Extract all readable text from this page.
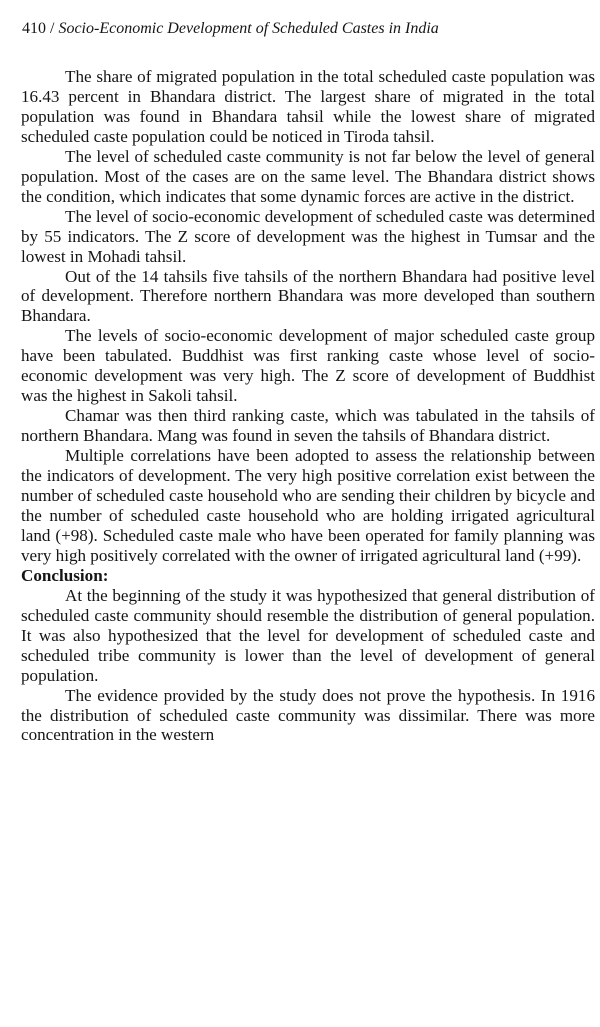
410 / Socio-Economic Development of Scheduled Castes in India

The share of migrated population in the total scheduled caste population was 16.43 percent in Bhandara district. The largest share of migrated in the total population was found in Bhandara tahsil while the lowest share of migrated scheduled caste population could be noticed in Tiroda tahsil.

The level of scheduled caste community is not far below the level of general population. Most of the cases are on the same level. The Bhandara district shows the condition, which indicates that some dynamic forces are active in the district.

The level of socio-economic development of scheduled caste was determined by 55 indicators. The Z score of development was the highest in Tumsar and the lowest in Mohadi tahsil.

Out of the 14 tahsils five tahsils of the northern Bhandara had positive level of development. Therefore northern Bhandara was more developed than southern Bhandara.

The levels of socio-economic development of major scheduled caste group have been tabulated. Buddhist was first ranking caste whose level of socio-economic development was very high. The Z score of development of Buddhist was the highest in Sakoli tahsil.

Chamar was then third ranking caste, which was tabulated in the tahsils of northern Bhandara. Mang was found in seven the tahsils of Bhandara district.

Multiple correlations have been adopted to assess the relationship between the indicators of development. The very high positive correlation exist between the number of scheduled caste household who are sending their children by bicycle and the number of scheduled caste household who are holding irrigated agricultural land (+98). Scheduled caste male who have been operated for family planning was very high positively correlated with the owner of irrigated agricultural land (+99).

Conclusion:

At the beginning of the study it was hypothesized that general distribution of scheduled caste community should resemble the distribution of general population. It was also hypothesized that the level for development of scheduled caste and scheduled tribe community is lower than the level of development of general population.

The evidence provided by the study does not prove the hypothesis. In 1916 the distribution of scheduled caste community was dissimilar. There was more concentration in the western
